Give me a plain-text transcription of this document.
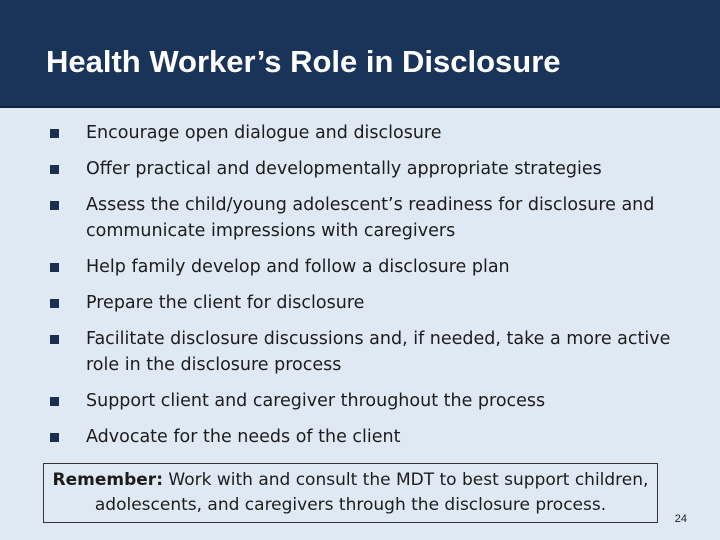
Health Worker’s Role in Disclosure
Encourage open dialogue and disclosure
Offer practical and developmentally appropriate strategies
Assess the child/young adolescent’s readiness for disclosure and communicate impressions with caregivers
Help family develop and follow a disclosure plan
Prepare the client for disclosure
Facilitate disclosure discussions and, if needed, take a more active role in the disclosure process
Support client and caregiver throughout the process
Advocate for the needs of the client
Remember: Work with and consult the MDT to best support children, adolescents, and caregivers through the disclosure process.
24
